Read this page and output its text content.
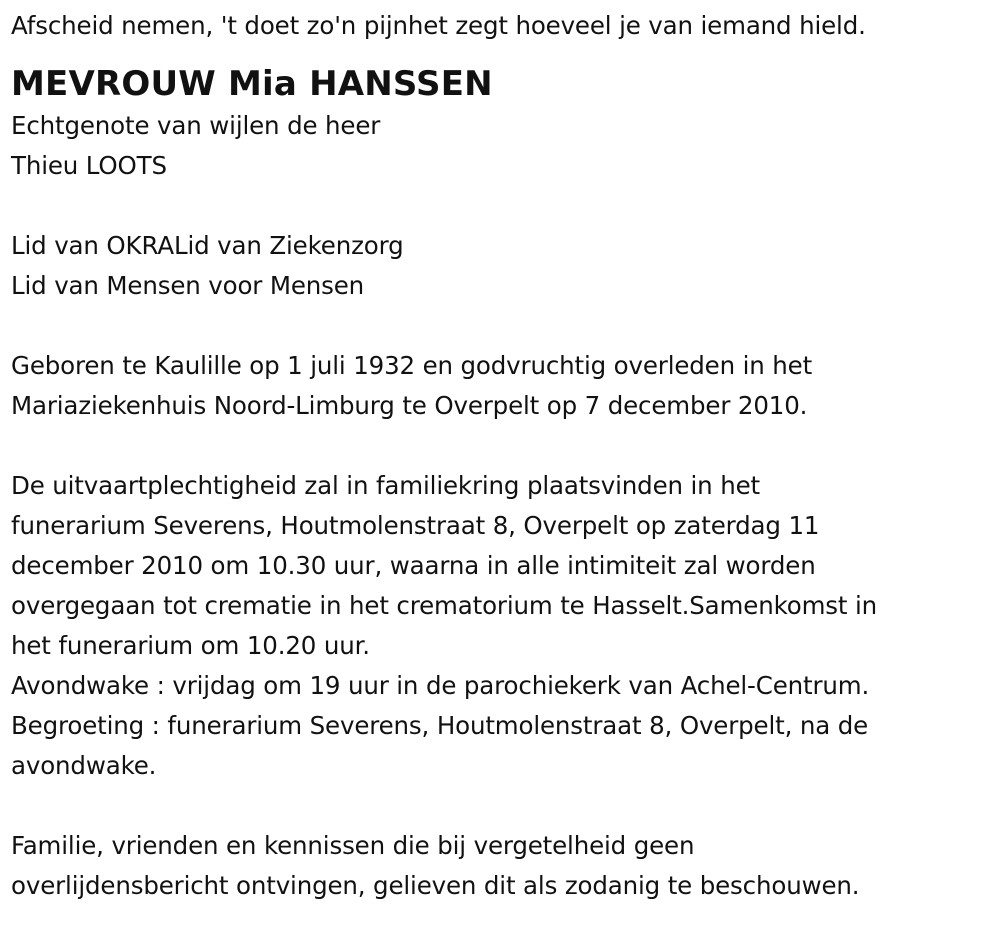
Afscheid nemen, 't doet zo'n pijnhet zegt hoeveel je van iemand hield.
MEVROUW Mia HANSSEN
Echtgenote van wijlen de heer
Thieu LOOTS
Lid van OKRALid van Ziekenzorg
Lid van Mensen voor Mensen
Geboren te Kaulille op 1 juli 1932 en godvruchtig overleden in het
Mariaziekenhuis Noord-Limburg te Overpelt op 7 december 2010.
De uitvaartplechtigheid zal in familiekring plaatsvinden in het
funerarium Severens, Houtmolenstraat 8, Overpelt op zaterdag 11
december 2010 om 10.30 uur, waarna in alle intimiteit zal worden
overgegaan tot crematie in het crematorium te Hasselt.Samenkomst in
het funerarium om 10.20 uur.
Avondwake : vrijdag om 19 uur in de parochiekerk van Achel-Centrum.
Begroeting : funerarium Severens, Houtmolenstraat 8, Overpelt, na de
avondwake.
Familie, vrienden en kennissen die bij vergetelheid geen
overlijdensbericht ontvingen, gelieven dit als zodanig te beschouwen.
